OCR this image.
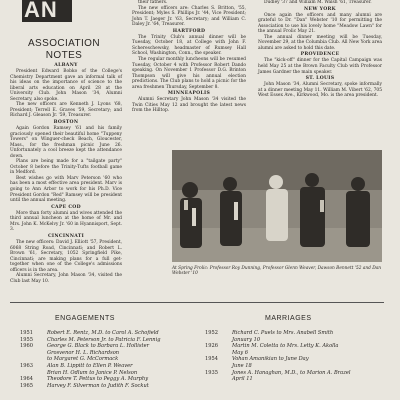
AN
ASSOCIATION NOTES
ALBANY

President Edward Bobko of the College's Chemistry Department gave an informal talk of his ideas on the importance of science to the liberal arts education on April 28 at the University Club. John Mason '34, Alumni Secretary, also spoke.

The new officers are Kenneth J. Lyons '68, President; Terrell E. Graves '59, Secretary; and Richard J. Gleason Jr. '59, Treasurer.

BOSTON

Again Gordon Ramsey '61 and his family graciously opened their beautiful home "Tuppeny Towers" on Winguer-check Beach, Gloucester, Mass., for the freshman picnic June 26. Unfortunately a cool breeze kept the attendance down.

Plans are being made for a "tailgate party" October 8 before the Trinity-Tufts football game in Medford.

Best wishes go with Marv Peterson '60 who has been a most effective area president. Marv is going to Ann Arbor to work for his Ph.D. Vice President Gordon "Red" Ramsey will be president until the annual meeting.

CAPE COD

More than forty alumni and wives attended the third annual luncheon at the home of Mr. and Mrs. John K. McKelvy Jr. '60 in Hyannisport, Sept. 3.

CINCINNATI

The new officers: David J. Elliott '57, President, 6068 String Road, Cincinnati; and Robert L. Brown '61, Secretary, 1052 Springfield Pike, Cincinnati; are making plans for a full get-together when one of the College's admissions officers is in the area.

Alumni Secretary, John Mason '34, visited the Club last May 10.

their fathers.

The new officers are: Charles S. Britton, '55, President; Myles S. Phillips Jr. '44, Vice President; John T. Jaeger Jr. '63, Secretary; and William C. Daley Jr. '64, Treasurer.

HARTFORD

The Trinity Club's annual dinner will be Tuesday, October 18, at College with John F. Schereschewsky, headmaster of Rumsey Hall School, Washington, Conn., the speaker.

The regular monthly luncheons will be resumed Tuesday, October 4 with Professor Robert Dando speaking. On November 1 Professor D.G. Brinton Thompson will give his annual election predictions. The Club plans to hold a picnic for the area freshmen Thursday, September 8.

MINNEAPOLIS

Alumni Secretary John Mason '34 visited the Twin Cities May 12 and brought the latest news from the Hilltop.

Dudley '37 and William M. Walsh '61, Treasurer.

NEW YORK

Once again the officers and many alumni are grateful to Dr. "Dan" Webster '10 for permitting the Association to use his lovely home "Meadow Lawn" for the annual Frolic May 21.

The annual dinner meeting will be Tuesday, November 29, at the Columbia Club. All New York area alumni are asked to hold this date.

PROVIDENCE

The "kick-off" dinner for the Capital Campaign was held May 25 at the Brown Faculty Club with Professor James Gardner the main speaker.

ST. LOUIS

John Mason '34, Alumni Secretary, spoke informally at a dinner meeting May 11. William M. Vibert '62, 705 West Essex Ave., Kirkwood, Mo. is the area president.

At Spring Frolic: Professor Roy Dunning, Professor Glenn Weaver, Dawson Bennett '52 and Dan Webster '10
ENGAGEMENTS
1951	Robert E. Rentz, M.D. to Carol A. Schofield
1955	Charles M. Peterson Jr. to Patricia F. Lennig
1960	George G. Black to Barbara L. Hollister
Grosvenor H. L. Richardson
to Margaret G. McCormack
1963	Alan B. Lippitt to Ellen P. Weaver
Brian H. Odlum to Janice P. Nelson
1964	Theodore T. Pettus to Peggy A. Murphy
1965	Harvey F. Silverman to Judith F. Sockut
MARRIAGES
1952	Richard C. Puels to Mrs. Anabell Smith
January 10
1926	Martin M. Coletta to Mrs. Letty K. Akolla
May 6
1954	Vohan Amanikian to June Day
June 18
1935	Jones A. Hanaghan, M.D., to Marion A. Brazel
April 11
